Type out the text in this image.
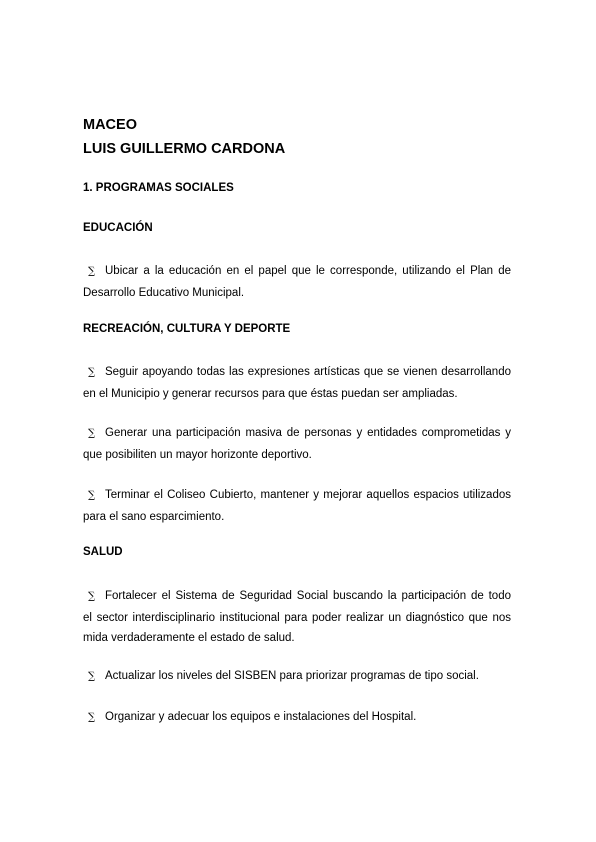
MACEO
LUIS GUILLERMO CARDONA
1. PROGRAMAS SOCIALES
EDUCACIÓN
∑ Ubicar a la educación en el papel que le corresponde, utilizando el Plan de
Desarrollo Educativo Municipal.
RECREACIÓN, CULTURA Y DEPORTE
∑ Seguir apoyando todas las expresiones artísticas que se vienen desarrollando
en el Municipio y generar recursos para que éstas puedan ser ampliadas.
∑ Generar una participación masiva de personas y entidades comprometidas y
que posibiliten un mayor horizonte deportivo.
∑ Terminar el Coliseo Cubierto, mantener y mejorar aquellos espacios utilizados
para el sano esparcimiento.
SALUD
∑ Fortalecer el Sistema de Seguridad Social buscando la participación de todo
el sector interdisciplinario institucional para poder realizar un diagnóstico que nos
mida verdaderamente el estado de salud.
∑ Actualizar los niveles del SISBEN para priorizar programas de tipo social.
∑ Organizar y adecuar los equipos e instalaciones del Hospital.
